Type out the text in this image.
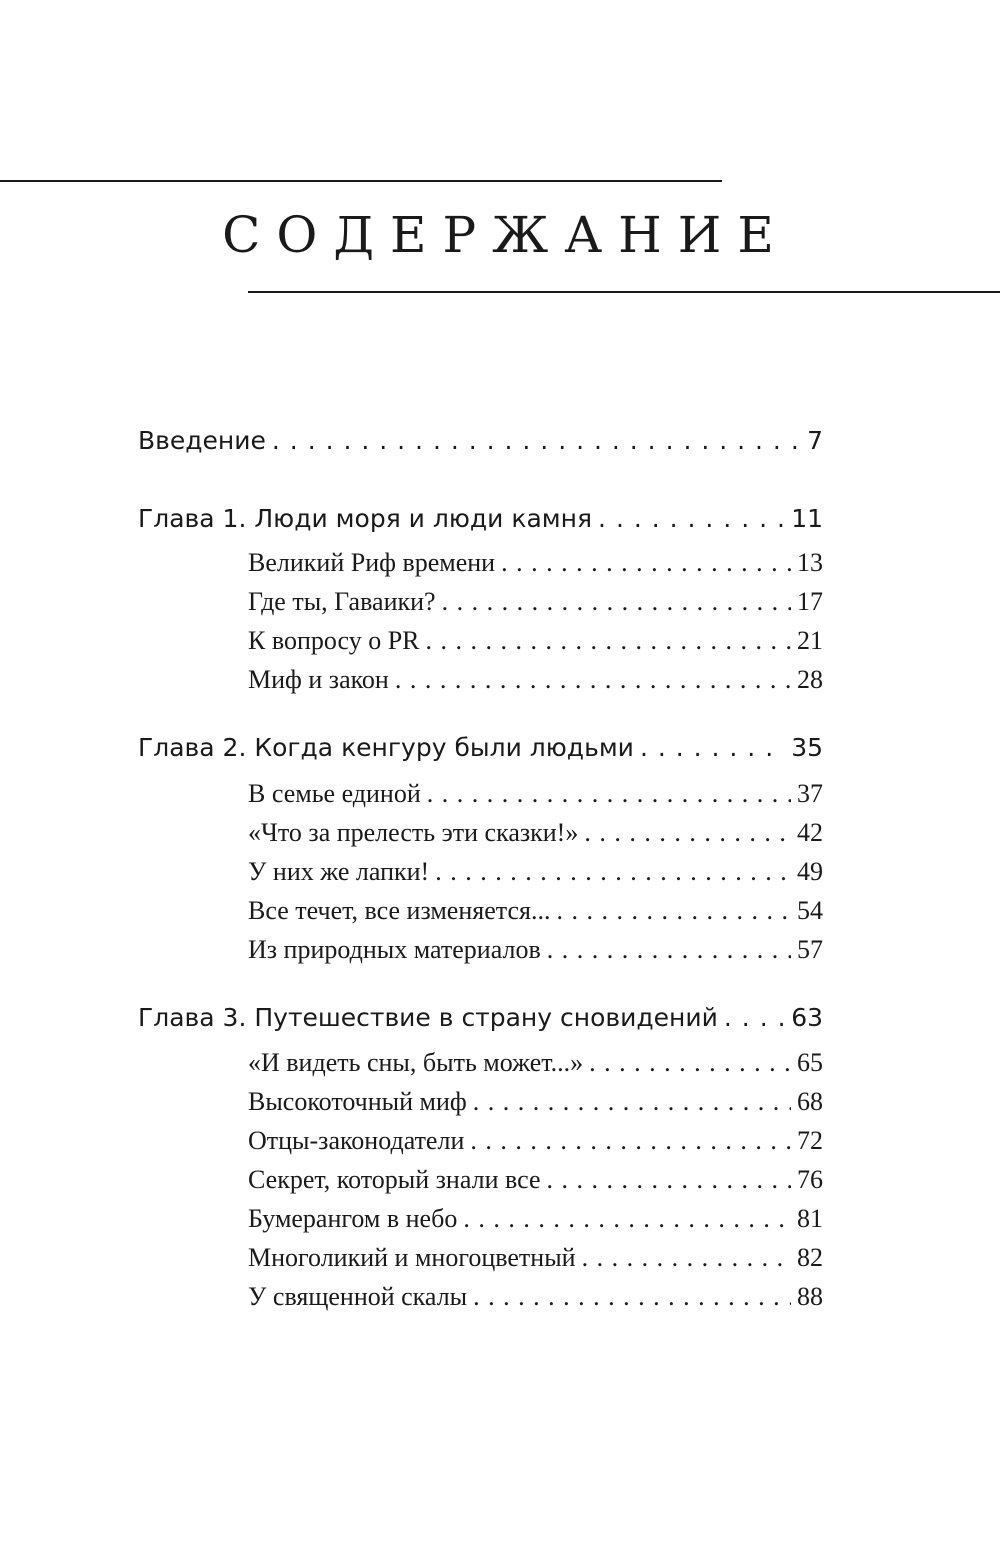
СОДЕРЖАНИЕ
Введение . . .	7
Глава 1. Люди моря и люди камня . . .	11
Великий Риф времени . . .	13
Где ты, Гаваики? . . .	17
К вопросу о PR . . .	21
Миф и закон . . .	28
Глава 2. Когда кенгуру были людьми . . .	35
В семье единой . . .	37
«Что за прелесть эти сказки!» . . .	42
У них же лапки! . . .	49
Все течет, все изменяется... . . .	54
Из природных материалов . . .	57
Глава 3. Путешествие в страну сновидений . . .	63
«И видеть сны, быть может...» . . .	65
Высокоточный миф . . .	68
Отцы-законодатели . . .	72
Секрет, который знали все . . .	76
Бумерангом в небо . . .	81
Многоликий и многоцветный . . .	82
У священной скалы . . .	88
